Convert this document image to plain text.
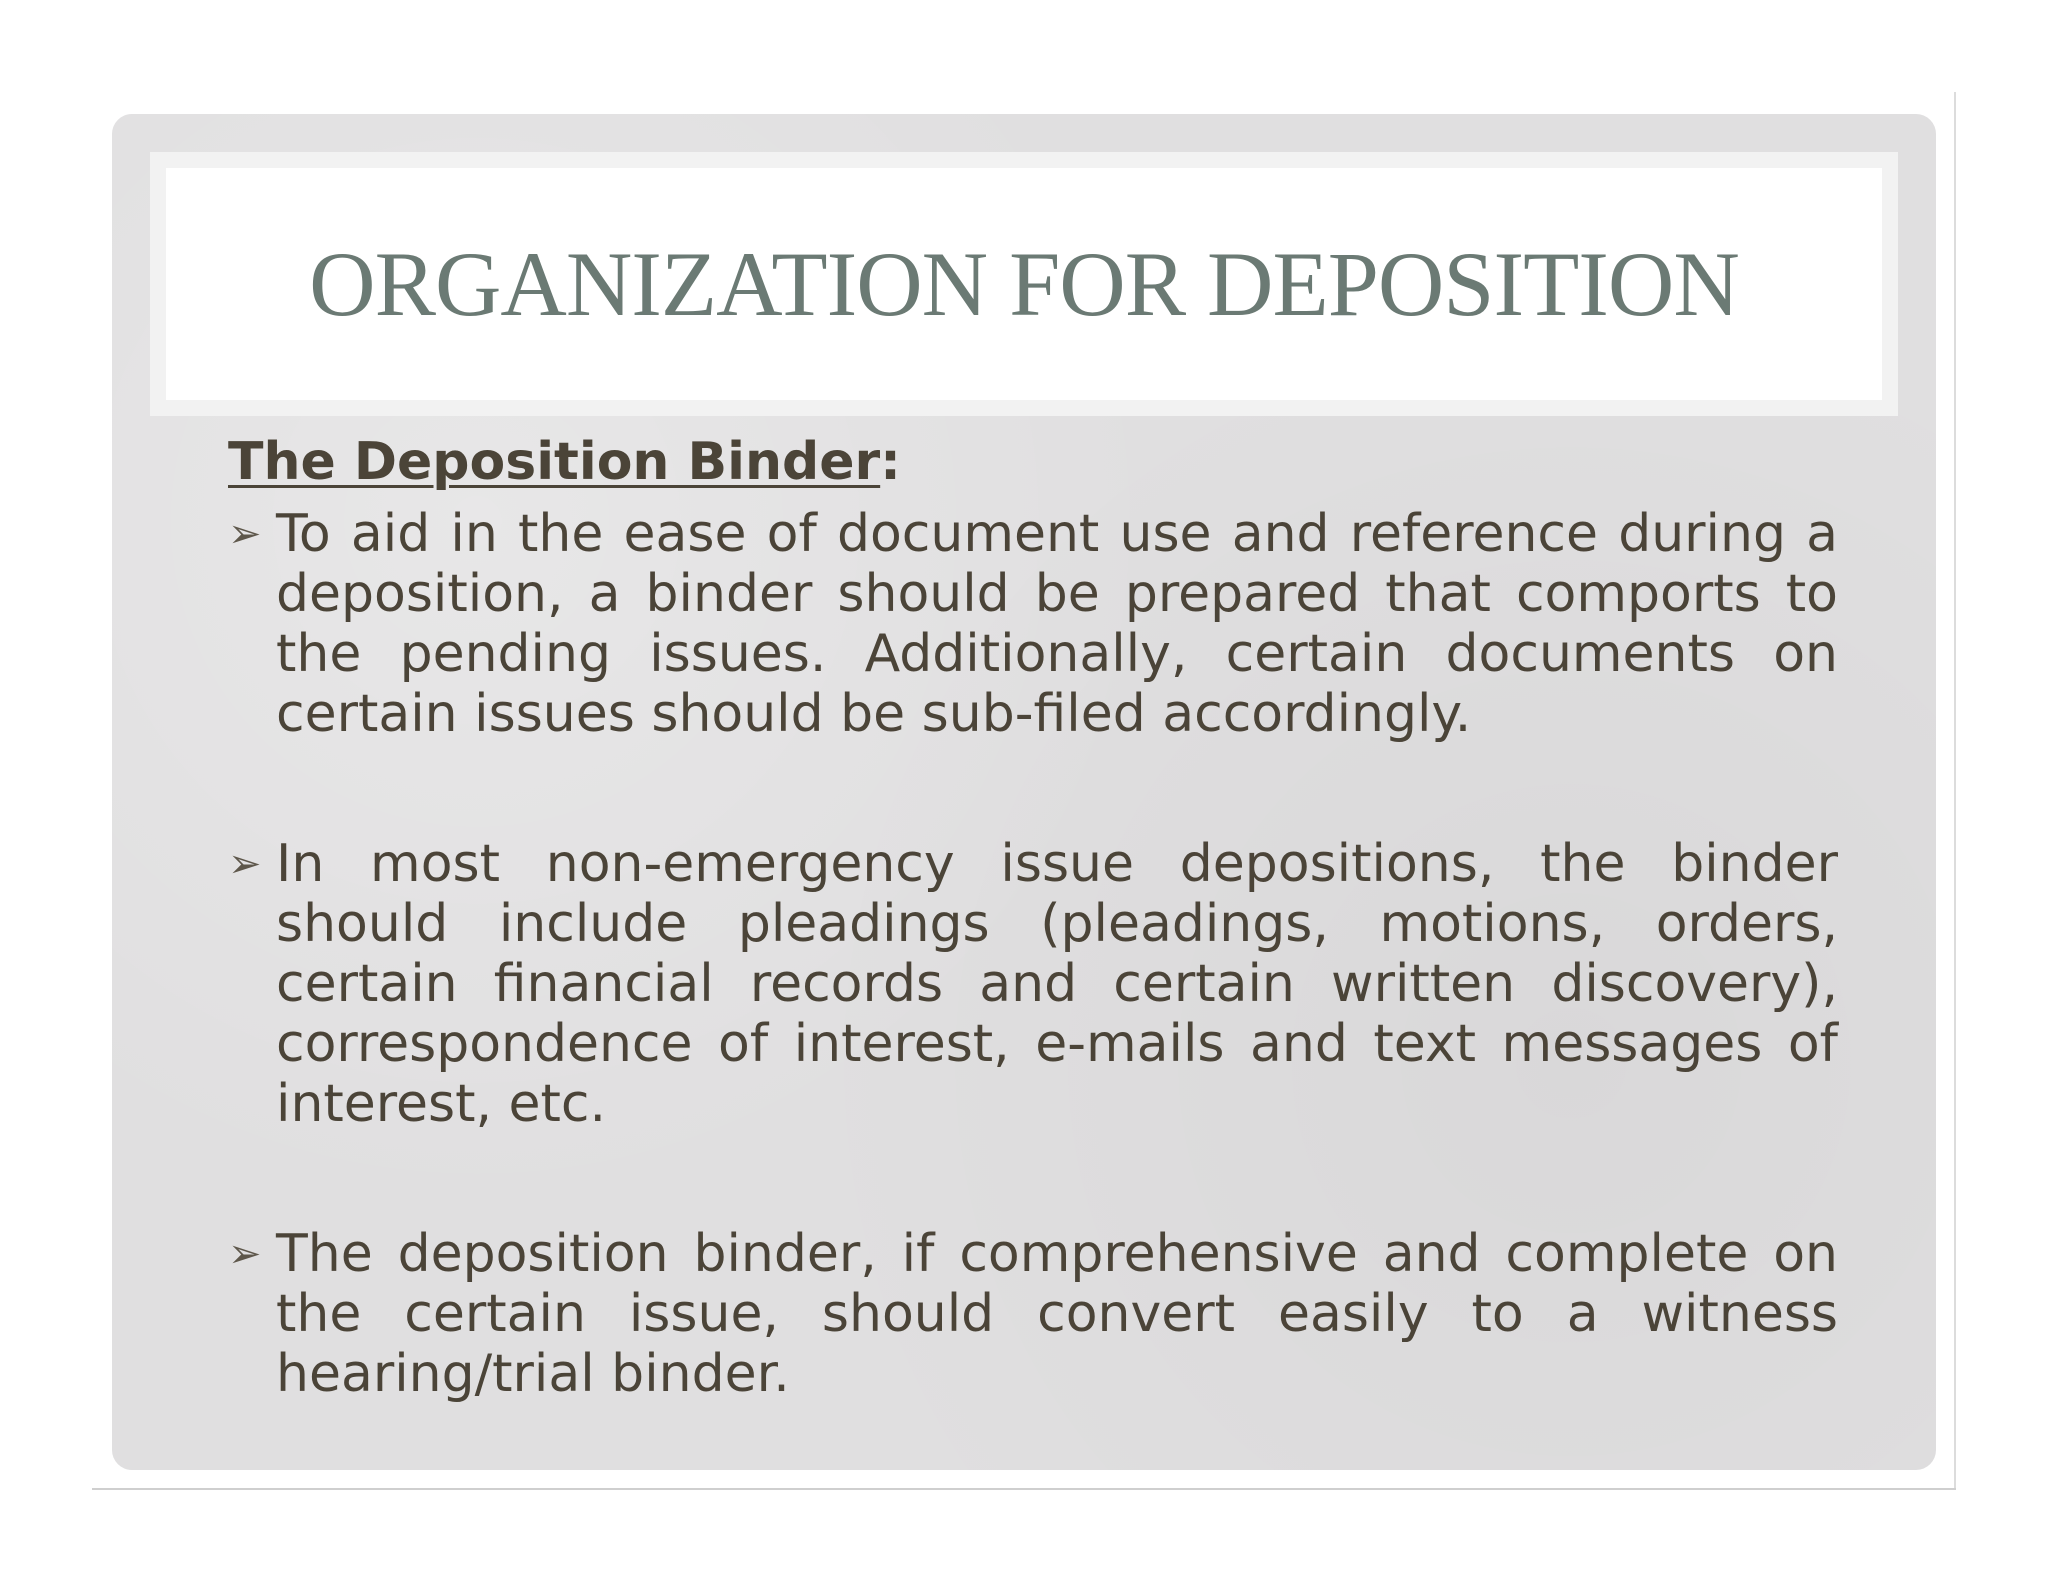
ORGANIZATION FOR DEPOSITION

The Deposition Binder:

➢ To aid in the ease of document use and reference during a deposition, a binder should be prepared that comports to the pending issues. Additionally, certain documents on certain issues should be sub-filed accordingly.

➢ In most non-emergency issue depositions, the binder should include pleadings (pleadings, motions, orders, certain financial records and certain written discovery), correspondence of interest, e-mails and text messages of interest, etc.

➢ The deposition binder, if comprehensive and complete on the certain issue, should convert easily to a witness hearing/trial binder.
